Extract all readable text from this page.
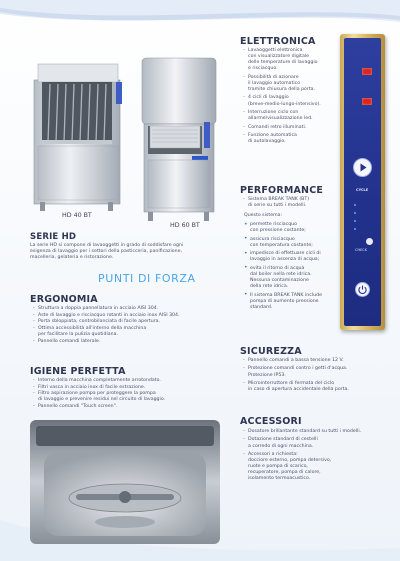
HD 40 BT
HD 60 BT
SERIE HD
La serie HD si compone di lavaoggetti in grado di soddisfare ogni
esigenza di lavaggio per i settori della pasticceria, panificazione,
macelleria, gelateria e ristorazione.
PUNTI DI FORZA
ERGONOMIA
- Struttura a doppia pannellatura in acciaio AISI 304.
- Aste di lavaggio e risciacquo rotanti in acciaio inox AISI 304.
- Porta sbloppiata, controbilanciata di facile apertura.
- Ottima accessibilità all'interno della macchina
per facilitare la pulizia quotidiana.
- Pannello comandi laterale.
IGIENE PERFETTA
- Interno della macchina completamente arrotondato.
- Filtri vasca in acciaio inox di facile estrazione.
- Filtro aspirazione pompa per proteggere la pompa
di lavaggio e prevenire residui nel circuito di lavaggio.
- Pannello comandi "Touch screen".
ELETTRONICA
- Lavaoggetti elettronica
con visualizzatore digitale
delle temperature di lavaggio
e risciacquo.
- Possibilità di azionare
il lavaggio automatico
tramite chiusura della porta.
- 4 cicli di lavaggio
(breve-medio-lungo-intensivo).
- Interruzione ciclo con
allarme/visualizzazione led.
- Comandi retro illuminati.
- Funzione automatica
di autolavaggio.
PERFORMANCE
- Sistema BREAK TANK (BT)
di serie su tutti i modelli.
Questo sistema:
• permette risciacquo
con pressione costante;
• assicura risciacquo
con temperatura costante;
• impedisce di effettuare cicli di
lavaggio in assenza di acqua;
• evita il ritorno di acqua
dal boiler nella rete idrica.
Nessuna contaminazione
della rete idrica.
• Il sistema BREAK TANK include
pompa di aumento pressione
standard.
CYCLE
CHECK
SICUREZZA
- Pannello comandi a bassa tensione 12 V.
- Protezione comandi contro i getti d'acqua.
Protezione IP53.
- Microinterruttore di fermata del ciclo
in caso di apertura accidentale della porta.
ACCESSORI
- Dosatore brillantante standard su tutti i modelli.
- Dotazione standard di cestelli
a corredo di ogni macchina.
- Accessori a richiesta:
docciore esterno, pompa detersivo,
ruote e pompa di scarico,
recuperatore, pompa di calore,
isolamento termoacustico.
